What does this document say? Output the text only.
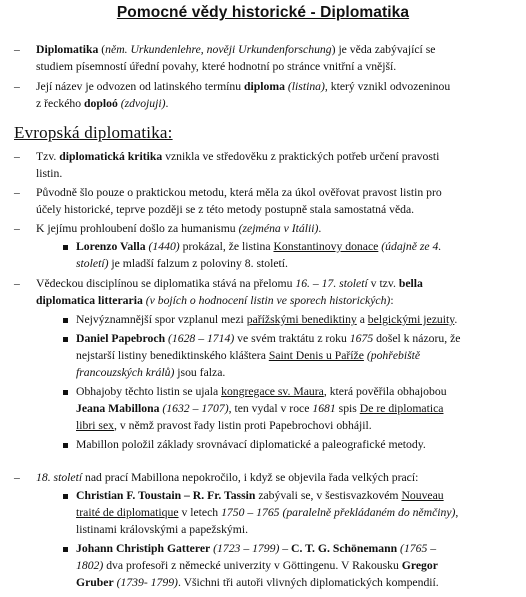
Pomocné vědy historické - Diplomatika
– Diplomatika (něm. Urkundenlehre, nověji Urkundenforschung) je věda zabývající se
studiem písemností úřední povahy, které hodnotní po stránce vnitřní a vnější.
– Její název je odvozen od latinského termínu diploma (listina), který vznikl odvozeninou
z řeckého doploó (zdvojuji).
Evropská diplomatika:
– Tzv. diplomatická kritika vznikla ve středověku z praktických potřeb určení pravosti
listin.
– Původně šlo pouze o praktickou metodu, která měla za úkol ověřovat pravost listin pro
účely historické, teprve později se z této metody postupně stala samostatná věda.
– K jejímu prohloubení došlo za humanismu (zejména v Itálii).
Lorenzo Valla (1440) prokázal, že listina Konstantinovy donace (údajně ze 4.
století) je mladší falzum z poloviny 8. století.
– Vědeckou disciplínou se diplomatika stává na přelomu 16. – 17. století v tzv. bella
diplomatica litteraria (v bojích o hodnocení listin ve sporech historických):
Nejvýznamnější spor vzplanul mezi pařížskými benediktiny a belgickými jezuity.
Daniel Papebroch (1628 – 1714) ve svém traktátu z roku 1675 došel k názoru, že
nejstarší listiny benediktinského kláštera Saint Denis u Paříže (pohřebiště
francouzských králů) jsou falza.
Obhajoby těchto listin se ujala kongregace sv. Maura, která pověřila obhajobou
Jeana Mabillona (1632 – 1707), ten vydal v roce 1681 spis De re diplomatica
libri sex, v němž pravost řady listin proti Papebrochovi obhájil.
Mabillon položil základy srovnávací diplomatické a paleografické metody.
– 18. století nad prací Mabillona nepokročilo, i když se objevila řada velkých prací:
Christian F. Toustain – R. Fr. Tassin zabývali se, v šestisvazkovém Nouveau
traité de diplomatique v letech 1750 – 1765 (paralelně překládaném do němčiny),
listinami královskými a papežskými.
Johann Christiph Gatterer (1723 – 1799) – C. T. G. Schönemann (1765 –
1802) dva profesoři z německé univerzity v Göttingenu. V Rakousku Gregor
Gruber (1739- 1799). Všichni tři autoři vlivných diplomatických kompendií.
